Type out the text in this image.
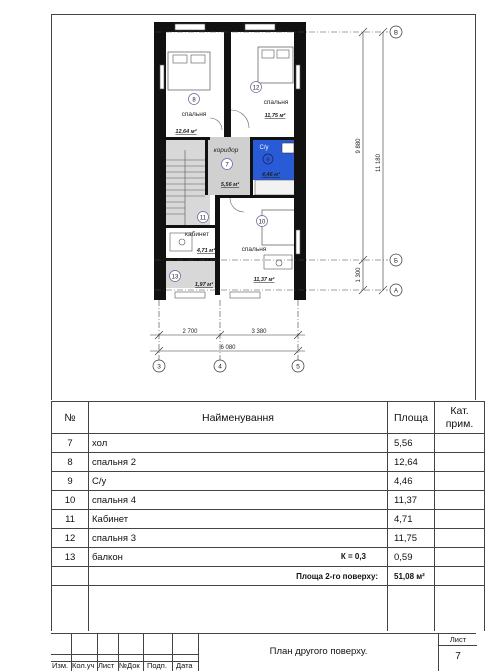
8
спальня
12,64 м²
12
спальня
11,75 м²
коридор
7
5,56 м²
С/у
9
4,46 м²
11
кабинет
4,71 м²
10
спальня
11,37 м²
13
1,97 м²
9 880
11 180
1 300
2 700	3 380
6 080
3	4	5
В
Б
А
№	Найменування	Площа	Кат. прим.
7	хол	5,56	
8	спальня 2	12,64	
9	С/у	4,46	
10	спальня 4	11,37	
11	Кабинет	4,71	
12	спальня 3	11,75	
13	балкон К = 0,3	0,59	

	Площа 2-го поверху:	51,08 м²	

Изм. Кол.уч Лист №Док Подп. Дата
План другого поверху.
Лист
7
